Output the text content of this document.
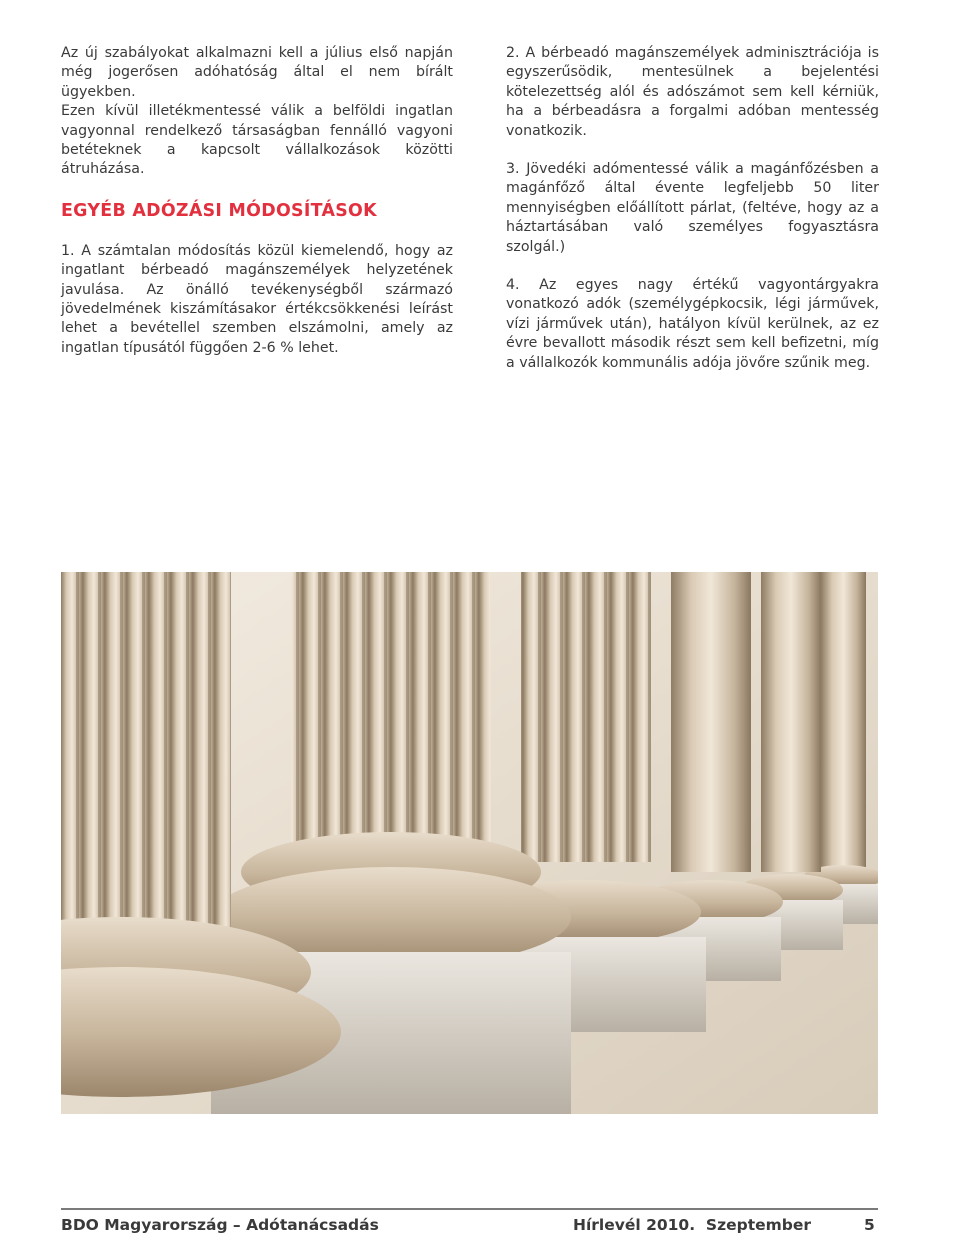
Az új szabályokat alkalmazni kell a július első napján még jogerősen adóhatóság által el nem bírált ügyekben.

Ezen kívül illetékmentessé válik a belföldi ingatlan vagyonnal rendelkező társaságban fennálló vagyoni betéteknek a kapcsolt vállalkozások közötti átruházása.

EGYÉB ADÓZÁSI MÓDOSÍTÁSOK

1. A számtalan módosítás közül kiemelendő, hogy az ingatlant bérbeadó magánszemélyek helyzetének javulása. Az önálló tevékenységből származó jövedelmének kiszámításakor értékcsökkenési leírást lehet a bevétellel szemben elszámolni, amely az ingatlan típusától függően 2-6 % lehet.

2. A bérbeadó magánszemélyek adminisztrációja is egyszerűsödik, mentesülnek a bejelentési kötelezettség alól és adószámot sem kell kérniük, ha a bérbeadásra a forgalmi adóban mentesség vonatkozik.

3. Jövedéki adómentessé válik a magánfőzésben a magánfőző által évente legfeljebb 50 liter mennyiségben előállított párlat, (feltéve, hogy az a háztartásában való személyes fogyasztásra szolgál.)

4. Az egyes nagy értékű vagyontárgyakra vonatkozó adók (személygépkocsik, légi járművek, vízi járművek után), hatályon kívül kerülnek, az ez évre bevallott második részt sem kell befizetni, míg a vállalkozók kommunális adója jövőre szűnik meg.

BDO Magyarország – Adótanácsadás	Hírlevél 2010.  Szeptember	5
